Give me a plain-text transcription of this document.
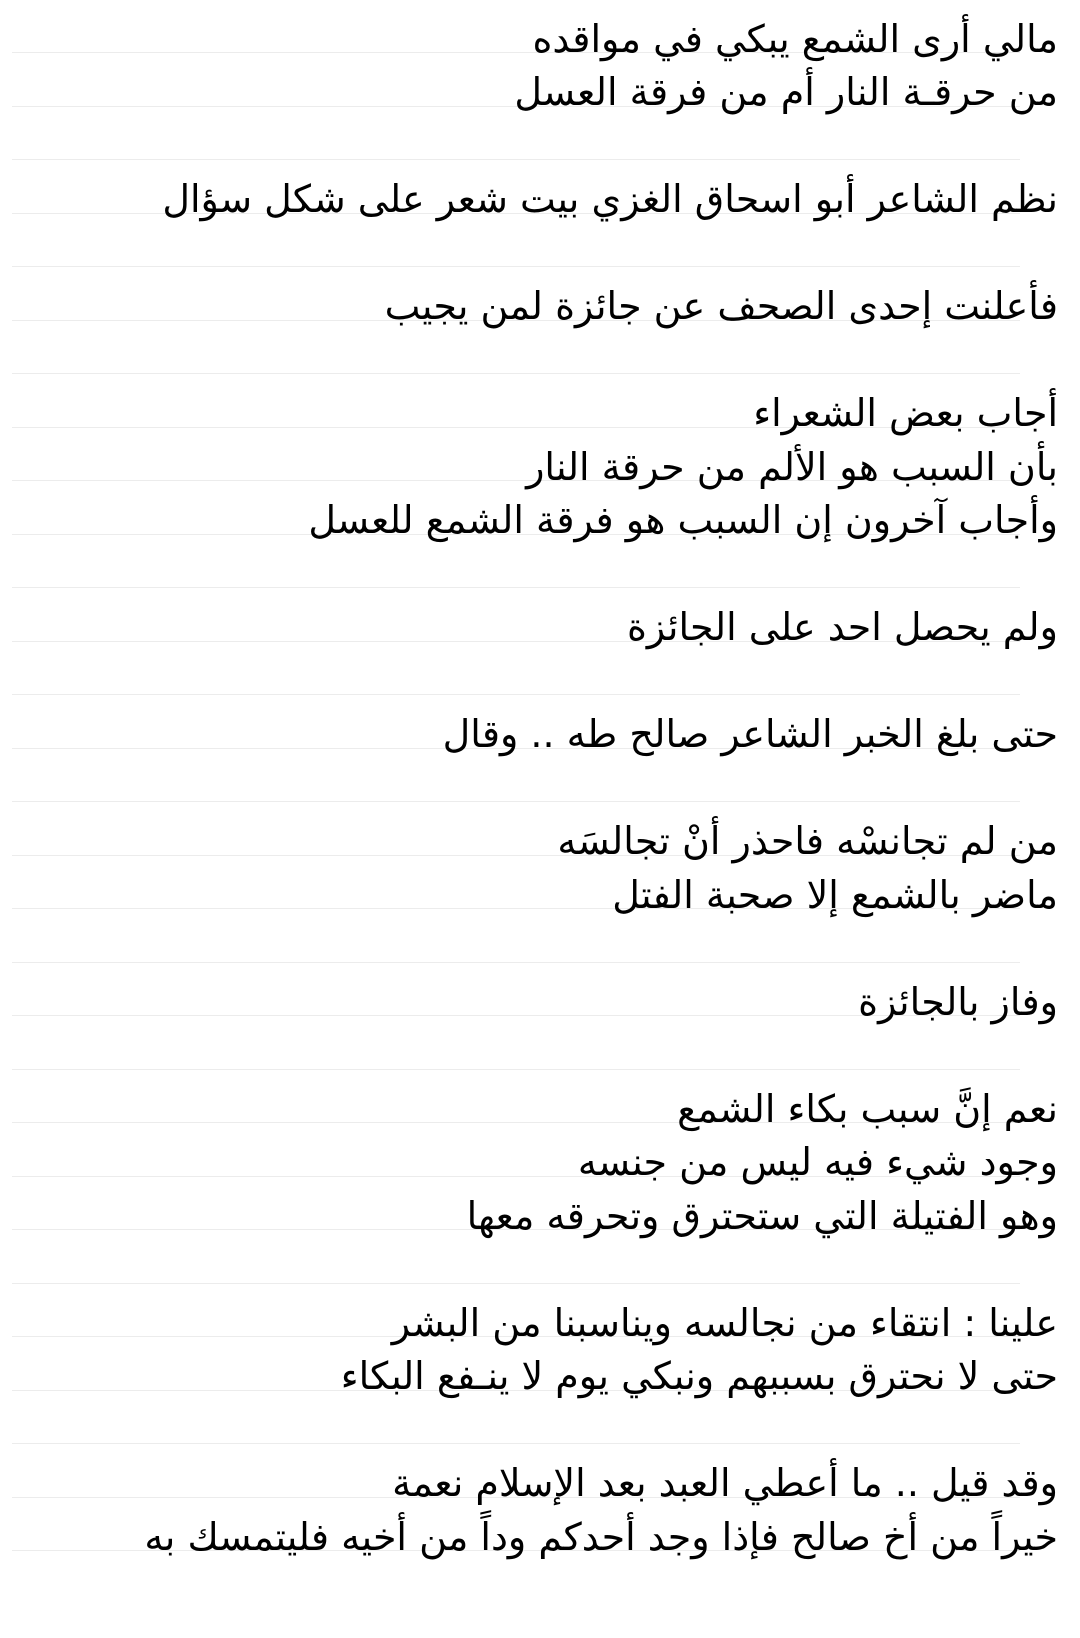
مالي أرى الشمع يبكي في مواقده
من حرقـة النار أم من فرقة العسل
نظم الشاعر أبو اسحاق الغزي بيت شعر على شكل سؤال
فأعلنت إحدى الصحف عن جائزة لمن يجيب
أجاب بعض الشعراء
بأن السبب هو الألم من حرقة النار
وأجاب آخرون إن السبب هو فرقة الشمع للعسل
ولم يحصل احد على الجائزة
حتى بلغ الخبر الشاعر صالح طه .. وقال
من لم تجانسْه فاحذر أنْ تجالسَه
ماضر بالشمع إلا صحبة الفتل
وفاز بالجائزة
نعم إنَّ سبب بكاء الشمع
وجود شيء فيه ليس من جنسه
وهو الفتيلة التي ستحترق وتحرقه معها
علينا : انتقاء من نجالسه ويناسبنا من البشر
حتى لا نحترق بسببهم ونبكي يوم لا ينـفع البكاء
وقد قيل .. ما أعطي العبد بعد الإسلام نعمة
خيراً من أخ صالح فإذا وجد أحدكم وداً من أخيه فليتمسك به
